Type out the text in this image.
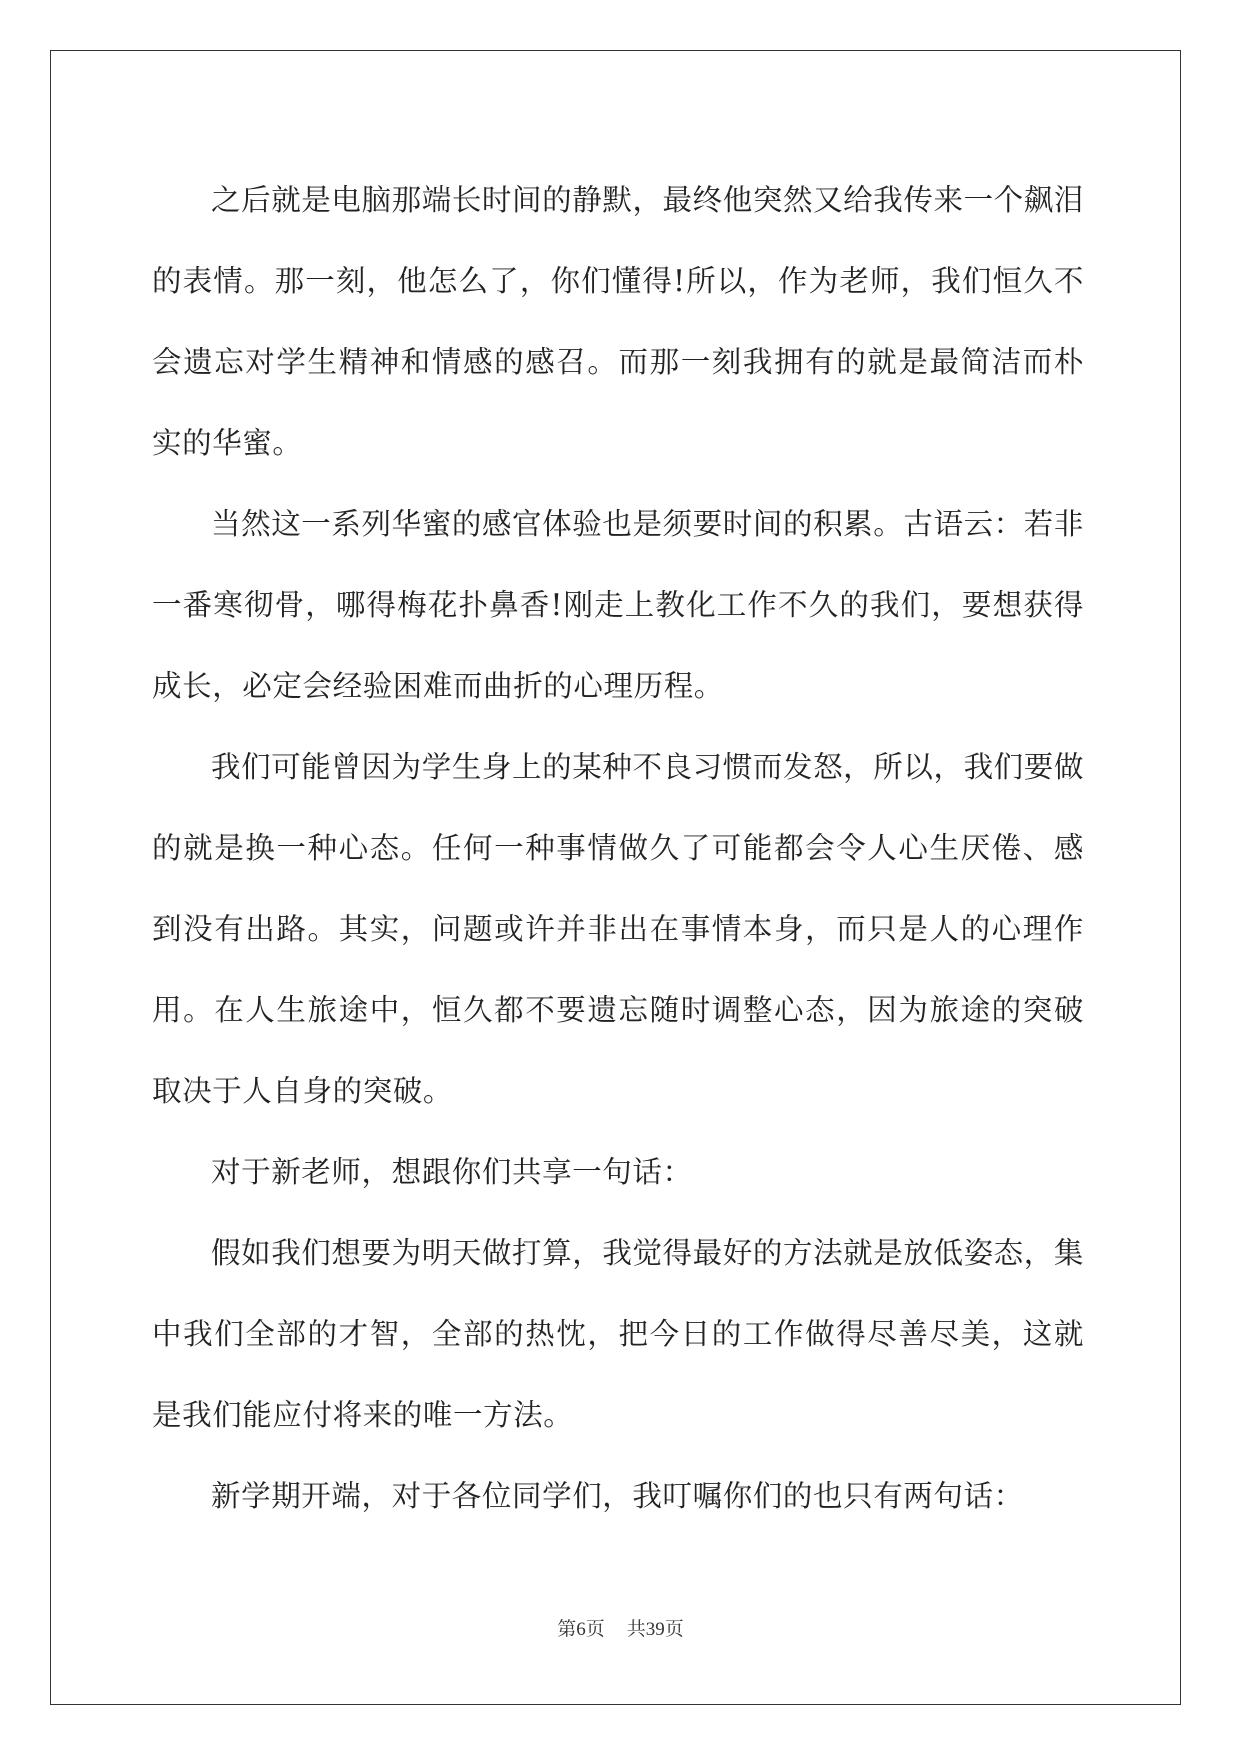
之后就是电脑那端长时间的静默，最终他突然又给我传来一个飙泪的表情。那一刻，他怎么了，你们懂得!所以，作为老师，我们恒久不会遗忘对学生精神和情感的感召。而那一刻我拥有的就是最简洁而朴实的华蜜。

当然这一系列华蜜的感官体验也是须要时间的积累。古语云：若非一番寒彻骨，哪得梅花扑鼻香!刚走上教化工作不久的我们，要想获得成长，必定会经验困难而曲折的心理历程。

我们可能曾因为学生身上的某种不良习惯而发怒，所以，我们要做的就是换一种心态。任何一种事情做久了可能都会令人心生厌倦、感到没有出路。其实，问题或许并非出在事情本身，而只是人的心理作用。在人生旅途中，恒久都不要遗忘随时调整心态，因为旅途的突破取决于人自身的突破。

对于新老师，想跟你们共享一句话：

假如我们想要为明天做打算，我觉得最好的方法就是放低姿态，集中我们全部的才智，全部的热忱，把今日的工作做得尽善尽美，这就是我们能应付将来的唯一方法。

新学期开端，对于各位同学们，我叮嘱你们的也只有两句话：

第6页 共39页
